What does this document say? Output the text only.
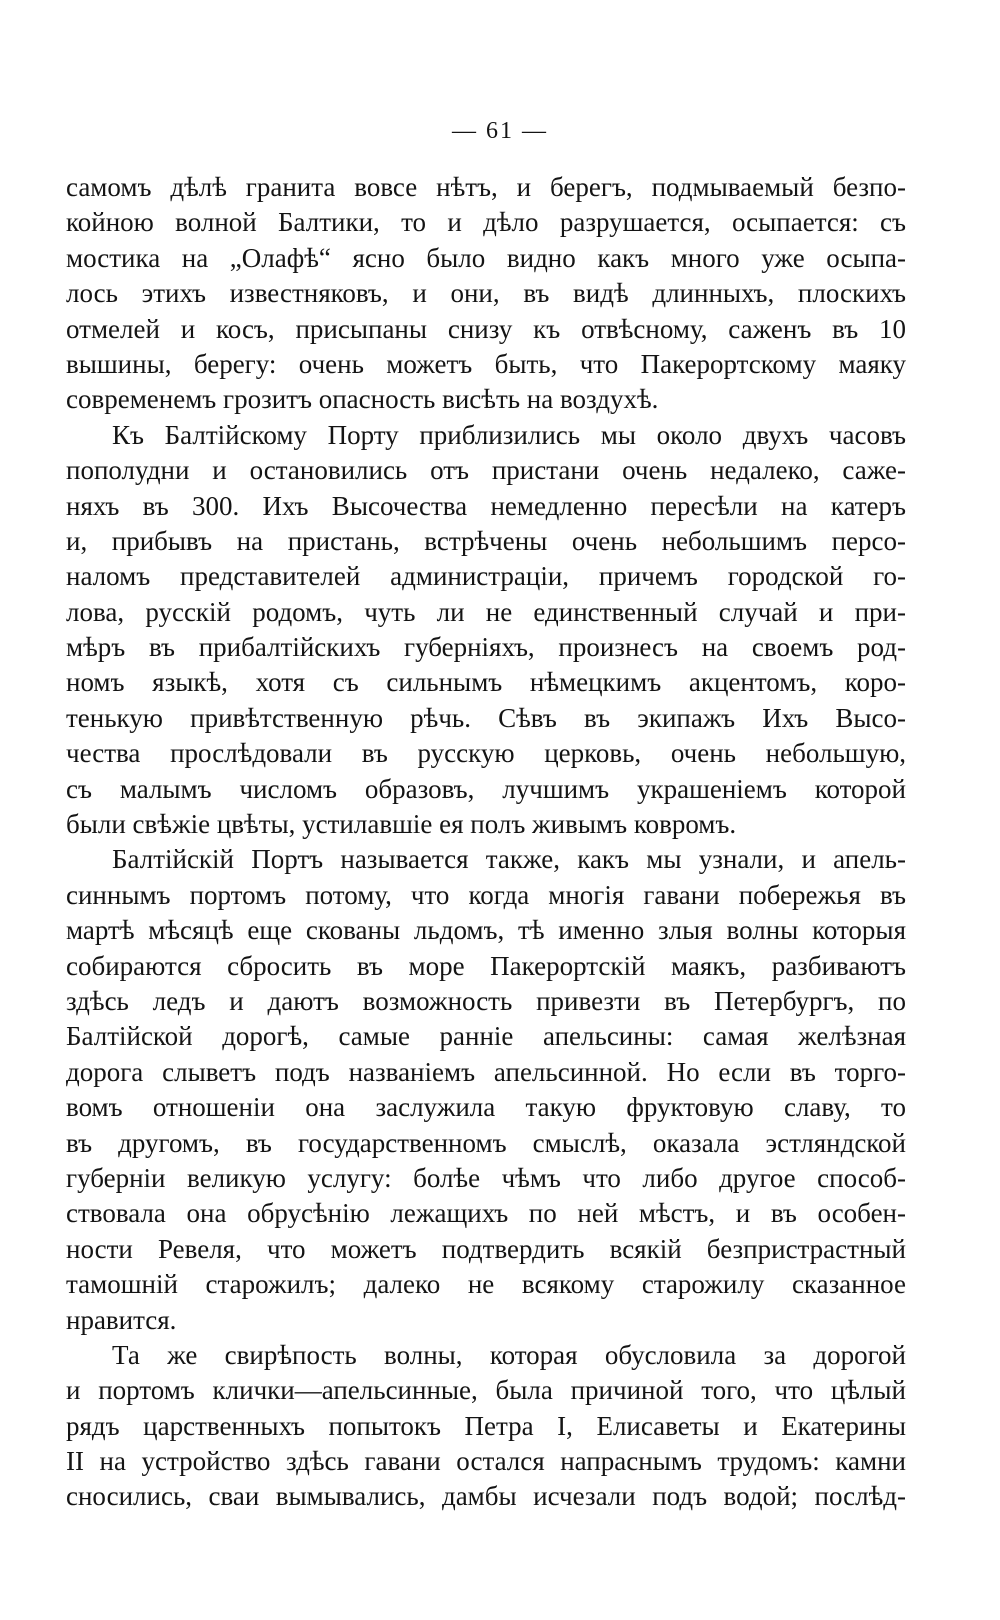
— 61 —
самомъ дѣлѣ гранита вовсе нѣтъ, и берегъ, подмываемый безпо-
койною волной Балтики, то и дѣло разрушается, осыпается: съ
мостика на „Олафѣ“ ясно было видно какъ много уже осыпа-
лось этихъ известняковъ, и они, въ видѣ длинныхъ, плоскихъ
отмелей и косъ, присыпаны снизу къ отвѣсному, саженъ въ 10
вышины, берегу: очень можетъ быть, что Пакерортскому маяку
современемъ грозитъ опасность висѣть на воздухѣ.
Къ Балтійскому Порту приблизились мы около двухъ часовъ
пополудни и остановились отъ пристани очень недалеко, саже-
няхъ въ 300. Ихъ Высочества немедленно пересѣли на катеръ
и, прибывъ на пристань, встрѣчены очень небольшимъ персо-
наломъ представителей администраціи, причемъ городской го-
лова, русскій родомъ, чуть ли не единственный случай и при-
мѣръ въ прибалтійскихъ губерніяхъ, произнесъ на своемъ род-
номъ языкѣ, хотя съ сильнымъ нѣмецкимъ акцентомъ, коро-
тенькую привѣтственную рѣчь. Сѣвъ въ экипажъ Ихъ Высо-
чества прослѣдовали въ русскую церковь, очень небольшую,
съ малымъ числомъ образовъ, лучшимъ украшеніемъ которой
были свѣжіе цвѣты, устилавшіе ея полъ живымъ ковромъ.
Балтійскій Портъ называется также, какъ мы узнали, и апель-
синнымъ портомъ потому, что когда многія гавани побережья въ
мартѣ мѣсяцѣ еще скованы льдомъ, тѣ именно злыя волны которыя
собираются сбросить въ море Пакерортскій маякъ, разбиваютъ
здѣсь ледъ и даютъ возможность привезти въ Петербургъ, по
Балтійской дорогѣ, самые ранніе апельсины: самая желѣзная
дорога слыветъ подъ названіемъ апельсинной. Но если въ торго-
вомъ отношеніи она заслужила такую фруктовую славу, то
въ другомъ, въ государственномъ смыслѣ, оказала эстляндской
губерніи великую услугу: болѣе чѣмъ что либо другое способ-
ствовала она обрусѣнію лежащихъ по ней мѣстъ, и въ особен-
ности Ревеля, что можетъ подтвердить всякій безпристрастный
тамошній старожилъ; далеко не всякому старожилу сказанное
нравится.
Та же свирѣпость волны, которая обусловила за дорогой
и портомъ клички—апельсинные, была причиной того, что цѣлый
рядъ царственныхъ попытокъ Петра I, Елисаветы и Екатерины
II на устройство здѣсь гавани остался напраснымъ трудомъ: камни
сносились, сваи вымывались, дамбы исчезали подъ водой; послѣд-
